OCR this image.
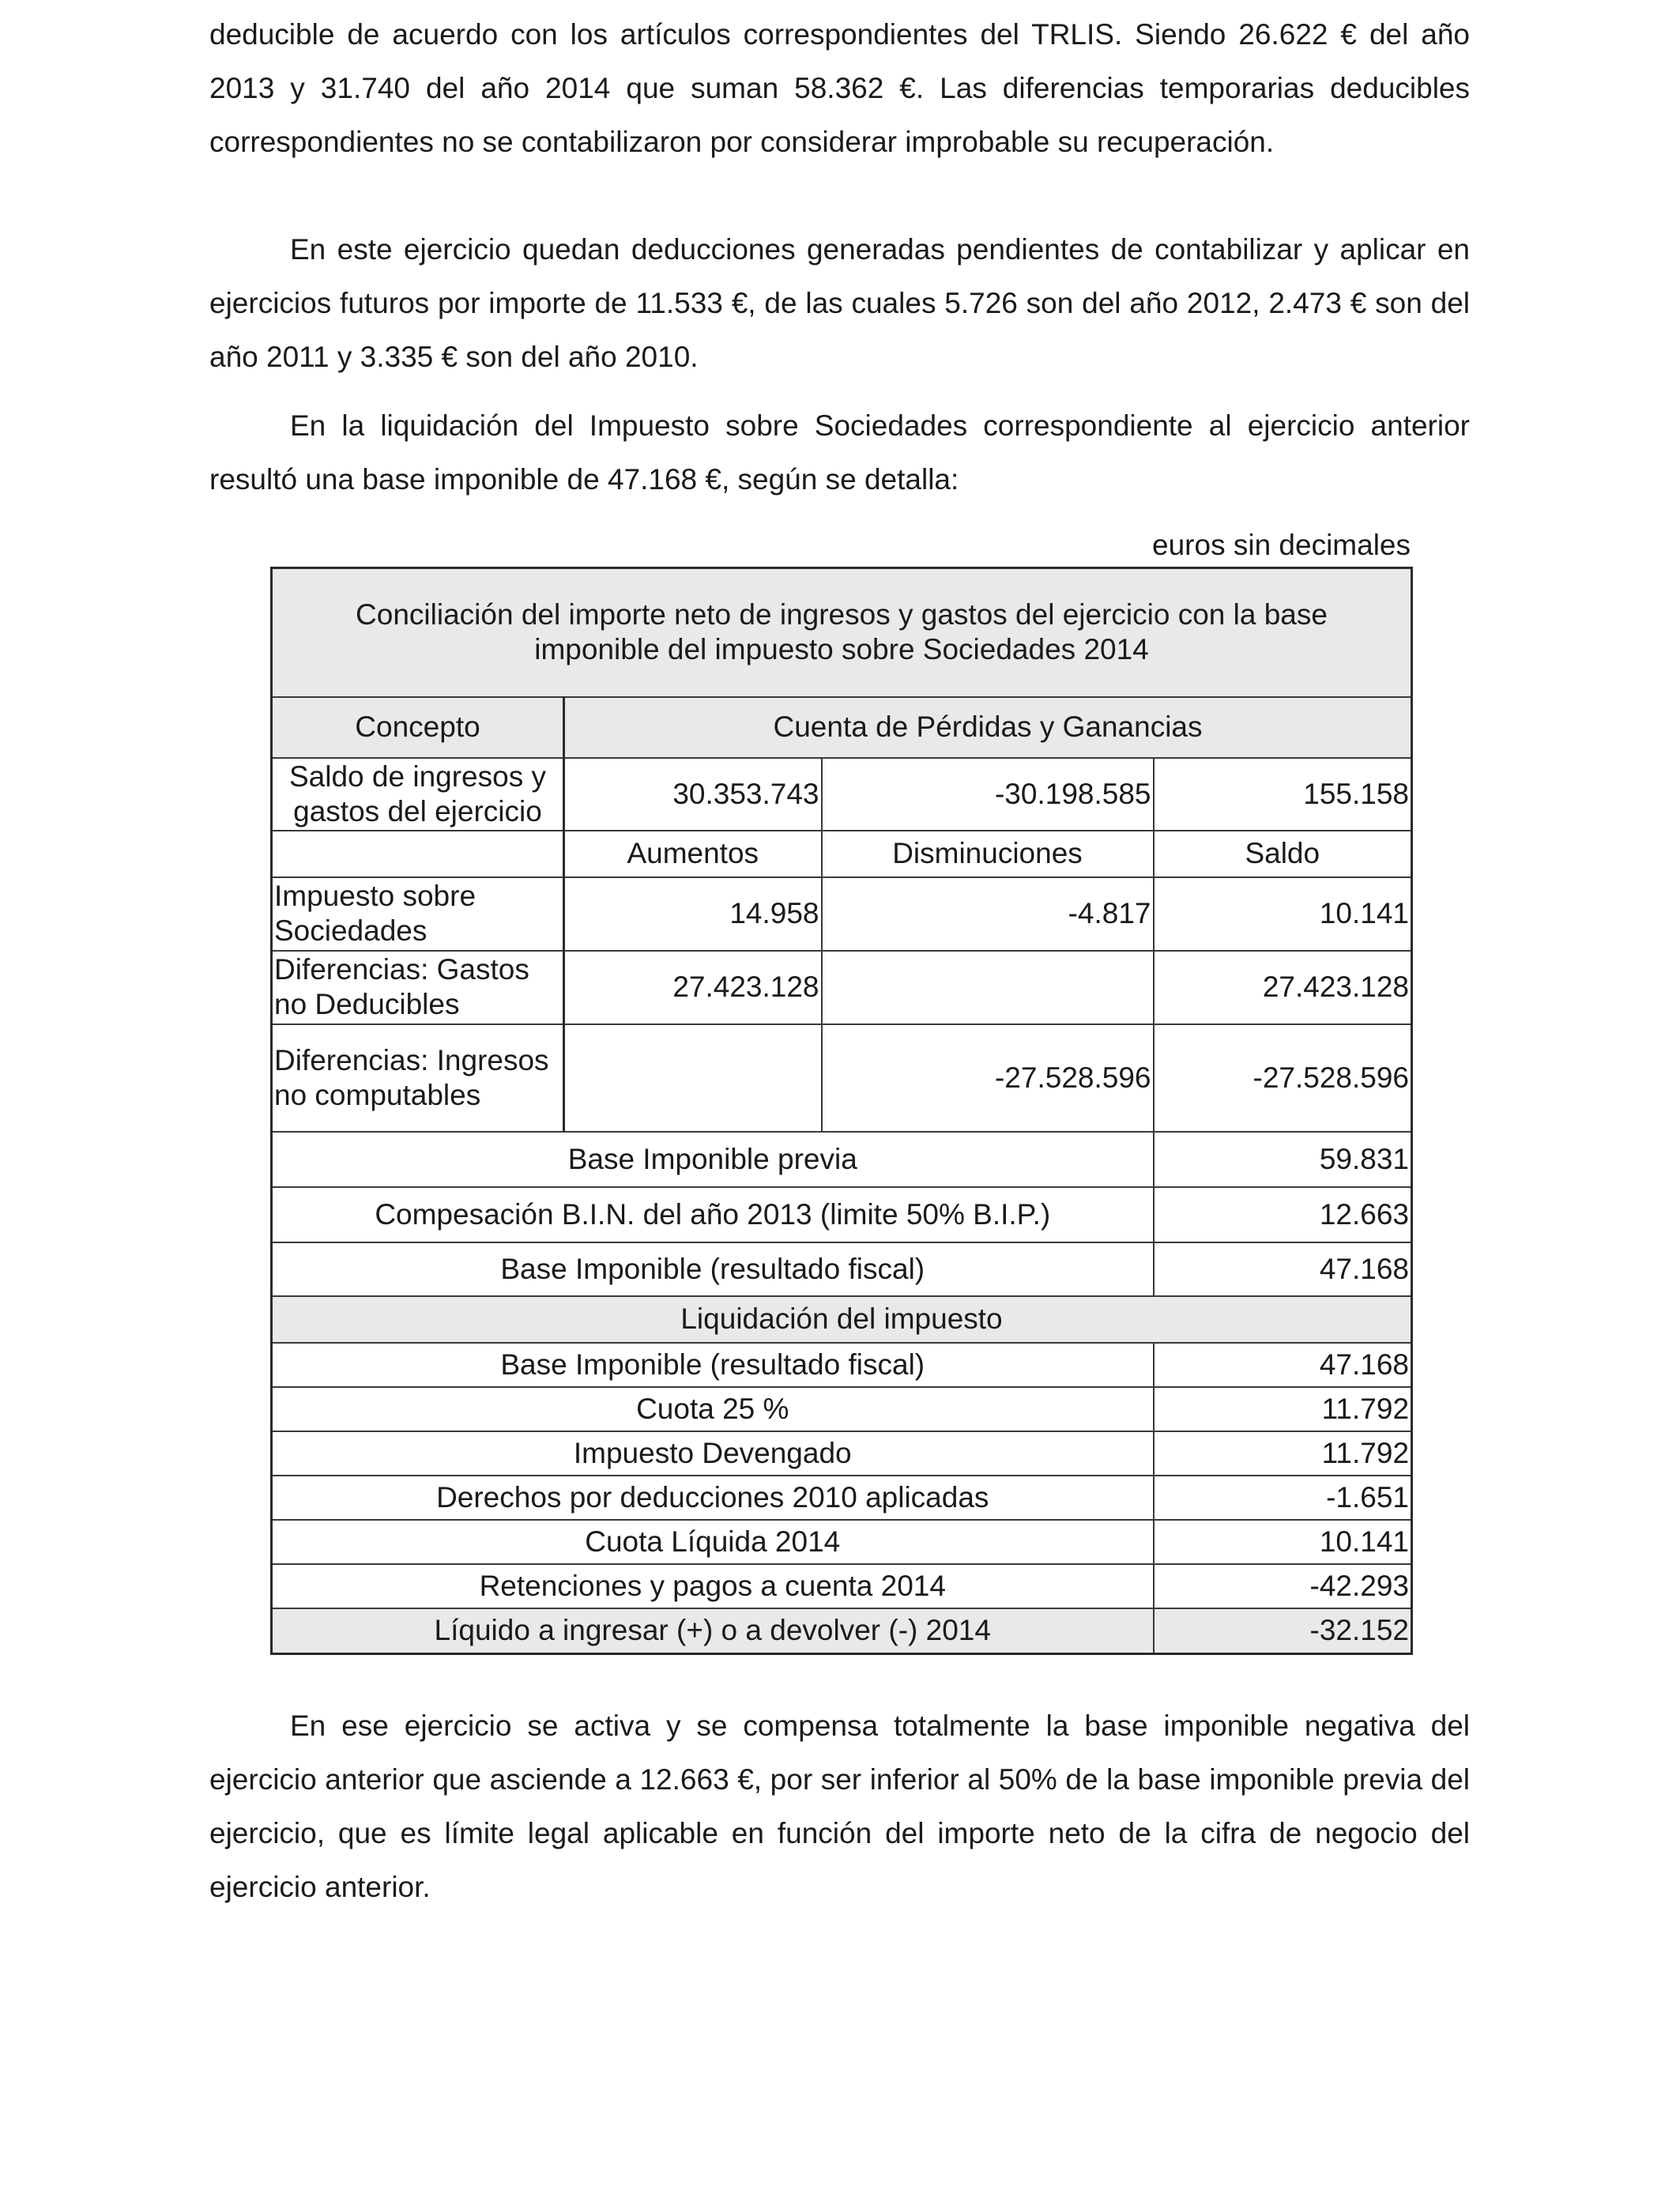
deducible de acuerdo con los artículos correspondientes del TRLIS. Siendo 26.622 € del año 2013 y 31.740 del año 2014 que suman 58.362 €. Las diferencias temporarias deducibles correspondientes no se contabilizaron por considerar improbable su recuperación.

En este ejercicio quedan deducciones generadas pendientes de contabilizar y aplicar en ejercicios futuros por importe de 11.533 €, de las cuales 5.726 son del año 2012, 2.473 € son del año 2011 y 3.335 € son del año 2010.

En la liquidación del Impuesto sobre Sociedades correspondiente al ejercicio anterior resultó una base imponible de 47.168 €, según se detalla:

euros sin decimales

Conciliación del importe neto de ingresos y gastos del ejercicio con la base imponible del impuesto sobre Sociedades 2014			
Concepto	Cuenta de Pérdidas y Ganancias		
Saldo de ingresos y gastos del ejercicio	30.353.743	-30.198.585	155.158
	Aumentos	Disminuciones	Saldo
Impuesto sobre Sociedades	14.958	-4.817	10.141
Diferencias: Gastos no Deducibles	27.423.128		27.423.128
Diferencias: Ingresos no computables		-27.528.596	-27.528.596
Base Imponible previa			59.831
Compesación B.I.N. del año 2013 (limite 50% B.I.P.)			12.663
Base Imponible (resultado fiscal)			47.168
Liquidación del impuesto			
Base Imponible (resultado fiscal)			47.168
Cuota 25 %			11.792
Impuesto Devengado			11.792
Derechos por deducciones 2010 aplicadas			-1.651
Cuota Líquida 2014			10.141
Retenciones y pagos a cuenta 2014			-42.293
Líquido a ingresar (+) o a devolver (-) 2014			-32.152

En ese ejercicio se activa y se compensa totalmente la base imponible negativa del ejercicio anterior que asciende a 12.663 €, por ser inferior al 50% de la base imponible previa del ejercicio, que es límite legal aplicable en función del importe neto de la cifra de negocio del ejercicio anterior.
